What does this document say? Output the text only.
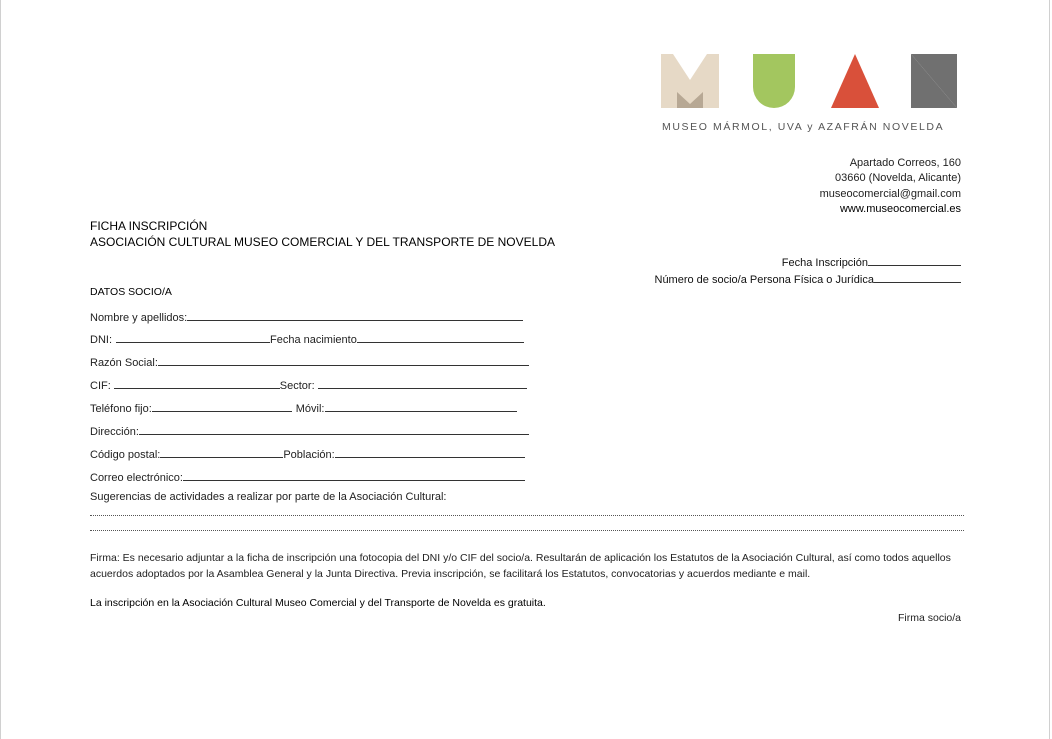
MUSEO MÁRMOL, UVA y AZAFRÁN NOVELDA
Apartado Correos, 160
03660 (Novelda, Alicante)
museocomercial@gmail.com
www.museocomercial.es
FICHA INSCRIPCIÓN
ASOCIACIÓN CULTURAL MUSEO COMERCIAL Y DEL TRANSPORTE DE NOVELDA
Fecha Inscripción
Número de socio/a Persona Física o Jurídica
DATOS SOCIO/A
Nombre y apellidos:
DNI:	Fecha nacimiento
Razón Social:
CIF:	Sector:
Teléfono fijo:	Móvil:
Dirección:
Código postal:	Población:
Correo electrónico:
Sugerencias de actividades a realizar por parte de la Asociación Cultural:
Firma: Es necesario adjuntar a la ficha de inscripción una fotocopia del DNI y/o CIF del socio/a. Resultarán de aplicación los Estatutos de la Asociación Cultural, así como todos aquellos acuerdos adoptados por la Asamblea General y la Junta Directiva. Previa inscripción, se facilitará los Estatutos, convocatorias y acuerdos mediante e mail.
La inscripción en la Asociación Cultural Museo Comercial y del Transporte de Novelda es gratuita.
Firma socio/a
